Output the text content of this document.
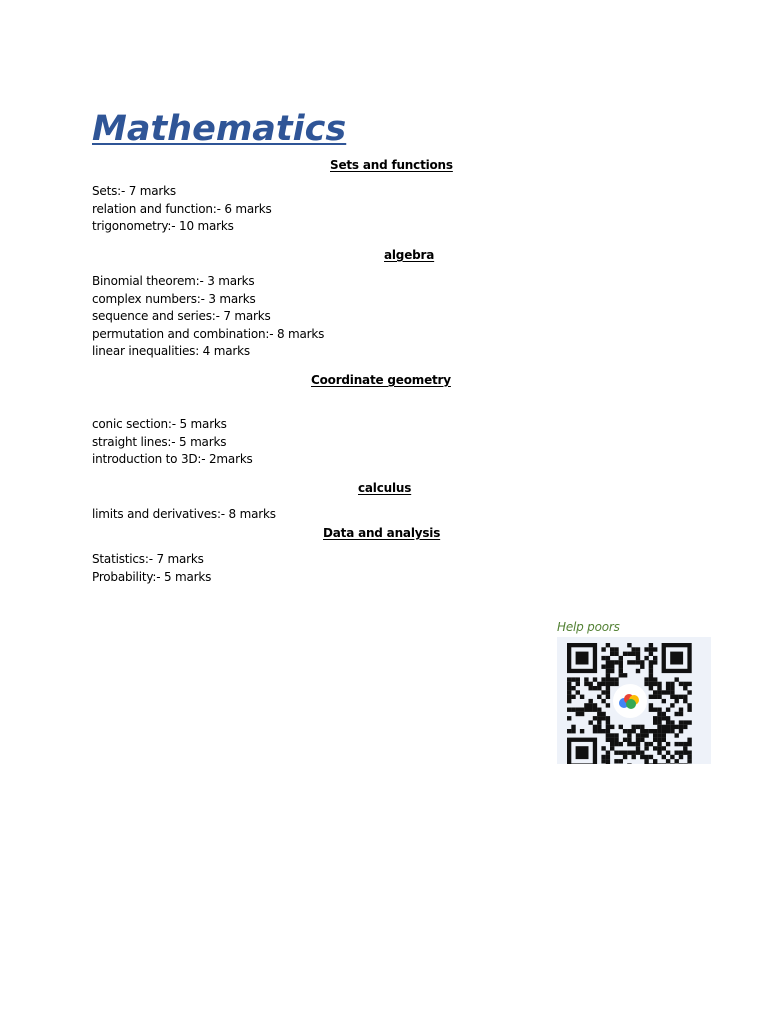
Mathematics
Sets and functions
Sets:- 7 marks
relation and function:- 6 marks
trigonometry:- 10 marks
algebra
Binomial theorem:- 3 marks
complex numbers:- 3 marks
sequence and series:- 7 marks
permutation and combination:- 8 marks
linear inequalities: 4 marks
Coordinate geometry
conic section:- 5 marks
straight lines:- 5 marks
introduction to 3D:- 2marks
calculus
limits and derivatives:- 8 marks
Data and analysis
Statistics:- 7 marks
Probability:- 5 marks
Help poors
